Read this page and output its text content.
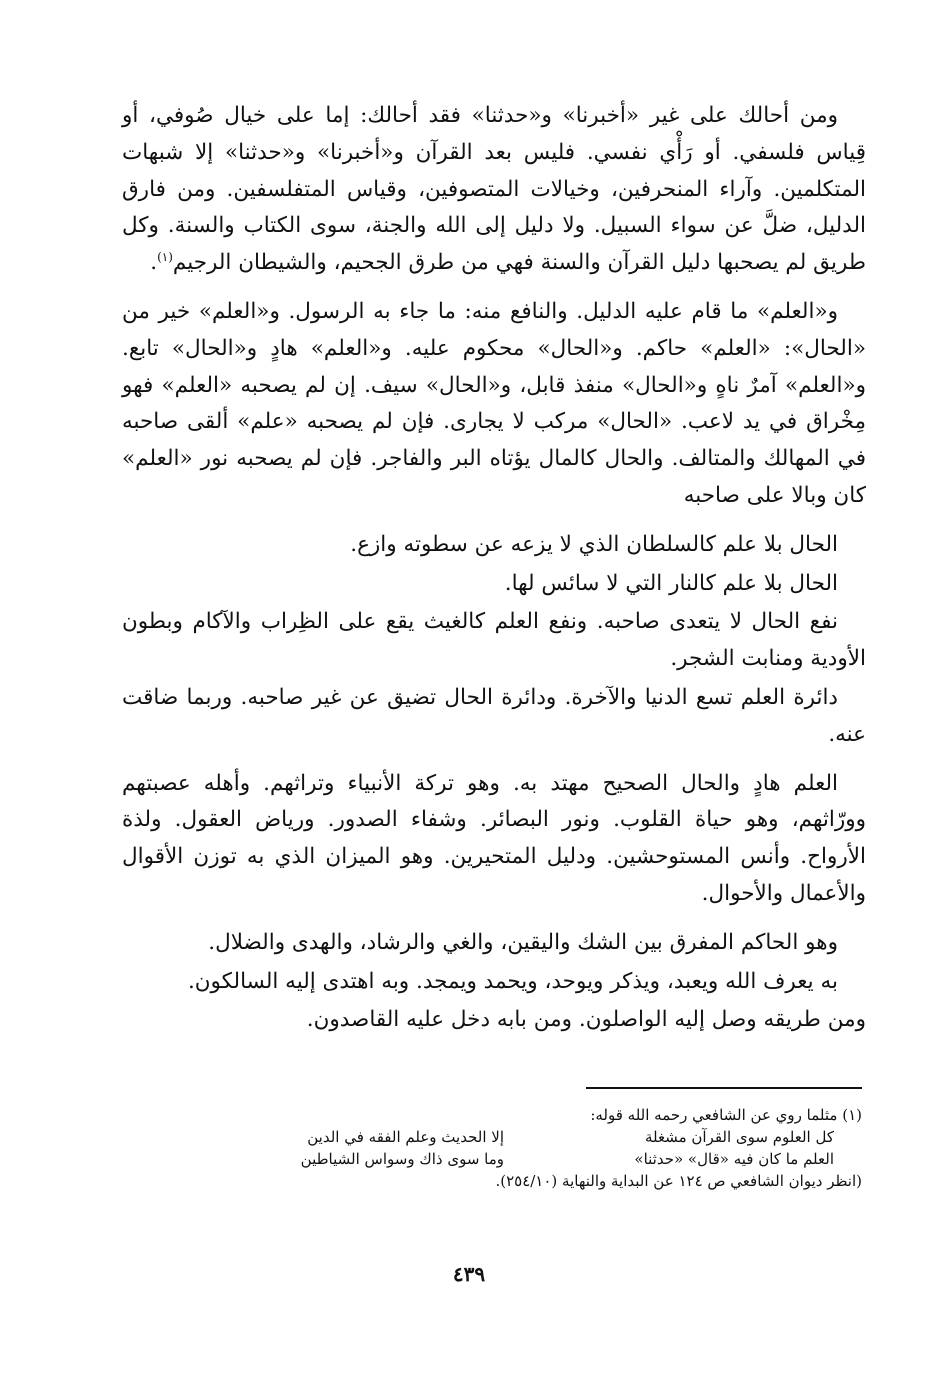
ومن أحالك على غير «أخبرنا» و«حدثنا» فقد أحالك: إما على خيال صُوفي، أو قِياس فلسفي. أو رَأْي نفسي. فليس بعد القرآن و«أخبرنا» و«حدثنا» إلا شبهات المتكلمين. وآراء المنحرفين، وخيالات المتصوفين، وقياس المتفلسفين. ومن فارق الدليل، ضلَّ عن سواء السبيل. ولا دليل إلى الله والجنة، سوى الكتاب والسنة. وكل طريق لم يصحبها دليل القرآن والسنة فهي من طرق الجحيم، والشيطان الرجيم$^{(١)}$.

و«العلم» ما قام عليه الدليل. والنافع منه: ما جاء به الرسول. و«العلم» خير من «الحال»: «العلم» حاكم. و«الحال» محكوم عليه. و«العلم» هادٍ و«الحال» تابع. و«العلم» آمرٌ ناهٍ و«الحال» منفذ قابل، و«الحال» سيف. إن لم يصحبه «العلم» فهو مِخْراق في يد لاعب. «الحال» مركب لا يجارى. فإن لم يصحبه «علم» ألقى صاحبه في المهالك والمتالف. والحال كالمال يؤتاه البر والفاجر. فإن لم يصحبه نور «العلم» كان وبالا على صاحبه

الحال بلا علم كالسلطان الذي لا يزعه عن سطوته وازع.

الحال بلا علم كالنار التي لا سائس لها.

نفع الحال لا يتعدى صاحبه. ونفع العلم كالغيث يقع على الظِراب والآكام وبطون الأودية ومنابت الشجر.

دائرة العلم تسع الدنيا والآخرة. ودائرة الحال تضيق عن غير صاحبه. وربما ضاقت عنه.

العلم هادٍ والحال الصحيح مهتد به. وهو تركة الأنبياء وتراثهم. وأهله عصبتهم وورّاثهم، وهو حياة القلوب. ونور البصائر. وشفاء الصدور. ورياض العقول. ولذة الأرواح. وأنس المستوحشين. ودليل المتحيرين. وهو الميزان الذي به توزن الأقوال والأعمال والأحوال.

وهو الحاكم المفرق بين الشك واليقين، والغي والرشاد، والهدى والضلال.

به يعرف الله ويعبد، ويذكر ويوحد، ويحمد ويمجد. وبه اهتدى إليه السالكون.

ومن طريقه وصل إليه الواصلون. ومن بابه دخل عليه القاصدون.

(١) مثلما روي عن الشافعي رحمه الله قوله:
كل العلوم سوى القرآن مشغلة
إلا الحديث وعلم الفقه في الدين
العلم ما كان فيه «قال» «حدثنا»
وما سوى ذاك وسواس الشياطين
(انظر ديوان الشافعي ص ١٢٤ عن البداية والنهاية (٢٥٤/١٠).
٤٣٩
